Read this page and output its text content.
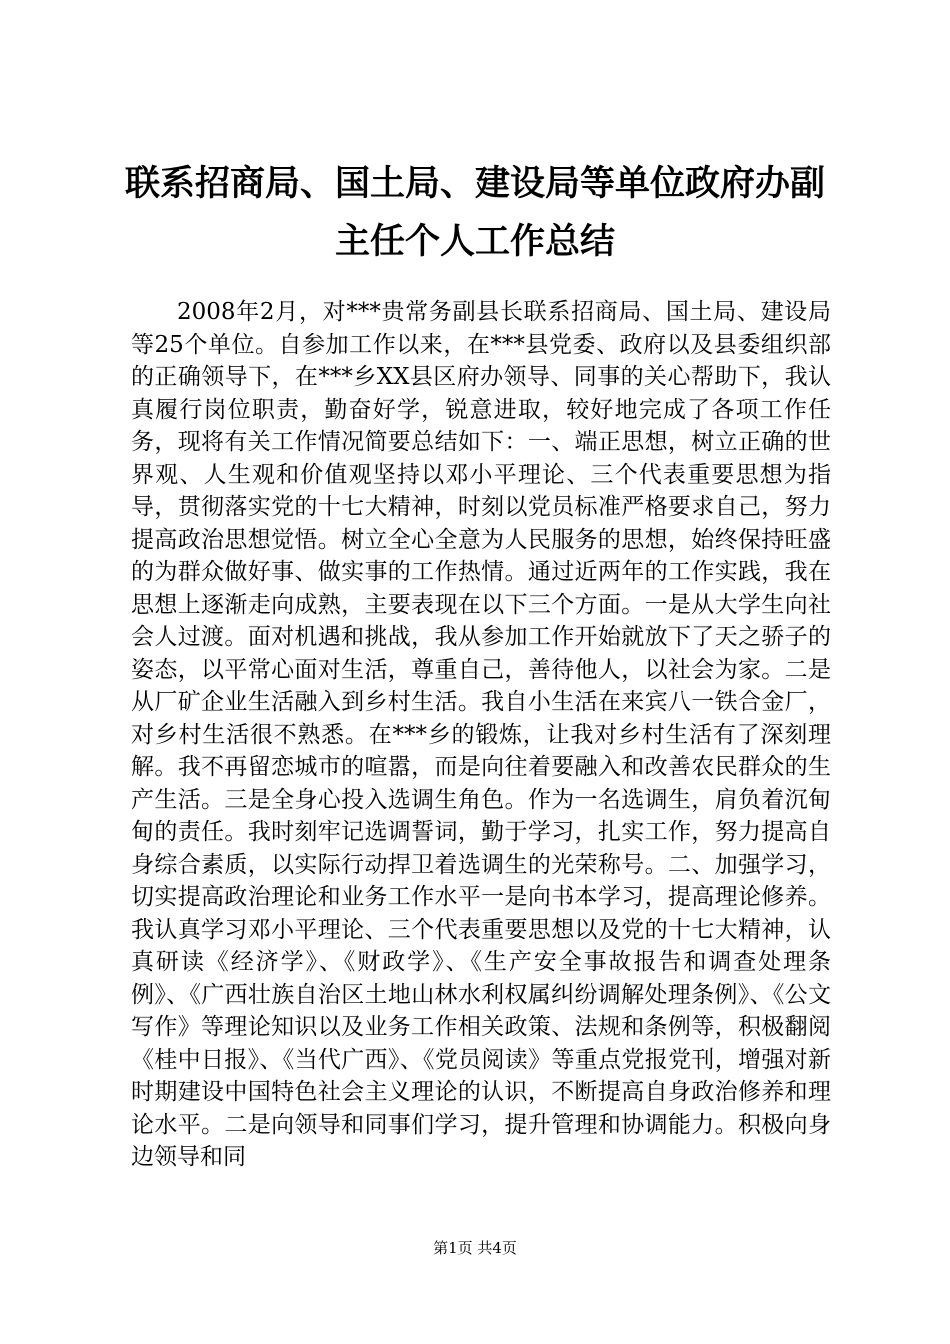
联系招商局、国土局、建设局等单位政府办副
主任个人工作总结

2008年2月，对***贵常务副县长联系招商局、国土局、建设局等25个单位。自参加工作以来，在***县党委、政府以及县委组织部的正确领导下，在***乡XX县区府办领导、同事的关心帮助下，我认真履行岗位职责，勤奋好学，锐意进取，较好地完成了各项工作任务，现将有关工作情况简要总结如下：一、端正思想，树立正确的世界观、人生观和价值观坚持以邓小平理论、三个代表重要思想为指导，贯彻落实党的十七大精神，时刻以党员标准严格要求自己，努力提高政治思想觉悟。树立全心全意为人民服务的思想，始终保持旺盛的为群众做好事、做实事的工作热情。通过近两年的工作实践，我在思想上逐渐走向成熟，主要表现在以下三个方面。一是从大学生向社会人过渡。面对机遇和挑战，我从参加工作开始就放下了天之骄子的姿态，以平常心面对生活，尊重自己，善待他人，以社会为家。二是从厂矿企业生活融入到乡村生活。我自小生活在来宾八一铁合金厂，对乡村生活很不熟悉。在***乡的锻炼，让我对乡村生活有了深刻理解。我不再留恋城市的喧嚣，而是向往着要融入和改善农民群众的生产生活。三是全身心投入选调生角色。作为一名选调生，肩负着沉甸甸的责任。我时刻牢记选调誓词，勤于学习，扎实工作，努力提高自身综合素质，以实际行动捍卫着选调生的光荣称号。二、加强学习，切实提高政治理论和业务工作水平一是向书本学习，提高理论修养。我认真学习邓小平理论、三个代表重要思想以及党的十七大精神，认真研读《经济学》、《财政学》、《生产安全事故报告和调查处理条例》、《广西壮族自治区土地山林水利权属纠纷调解处理条例》、《公文写作》等理论知识以及业务工作相关政策、法规和条例等，积极翻阅《桂中日报》、《当代广西》、《党员阅读》等重点党报党刊，增强对新时期建设中国特色社会主义理论的认识，不断提高自身政治修养和理论水平。二是向领导和同事们学习，提升管理和协调能力。积极向身边领导和同

第1页 共4页
